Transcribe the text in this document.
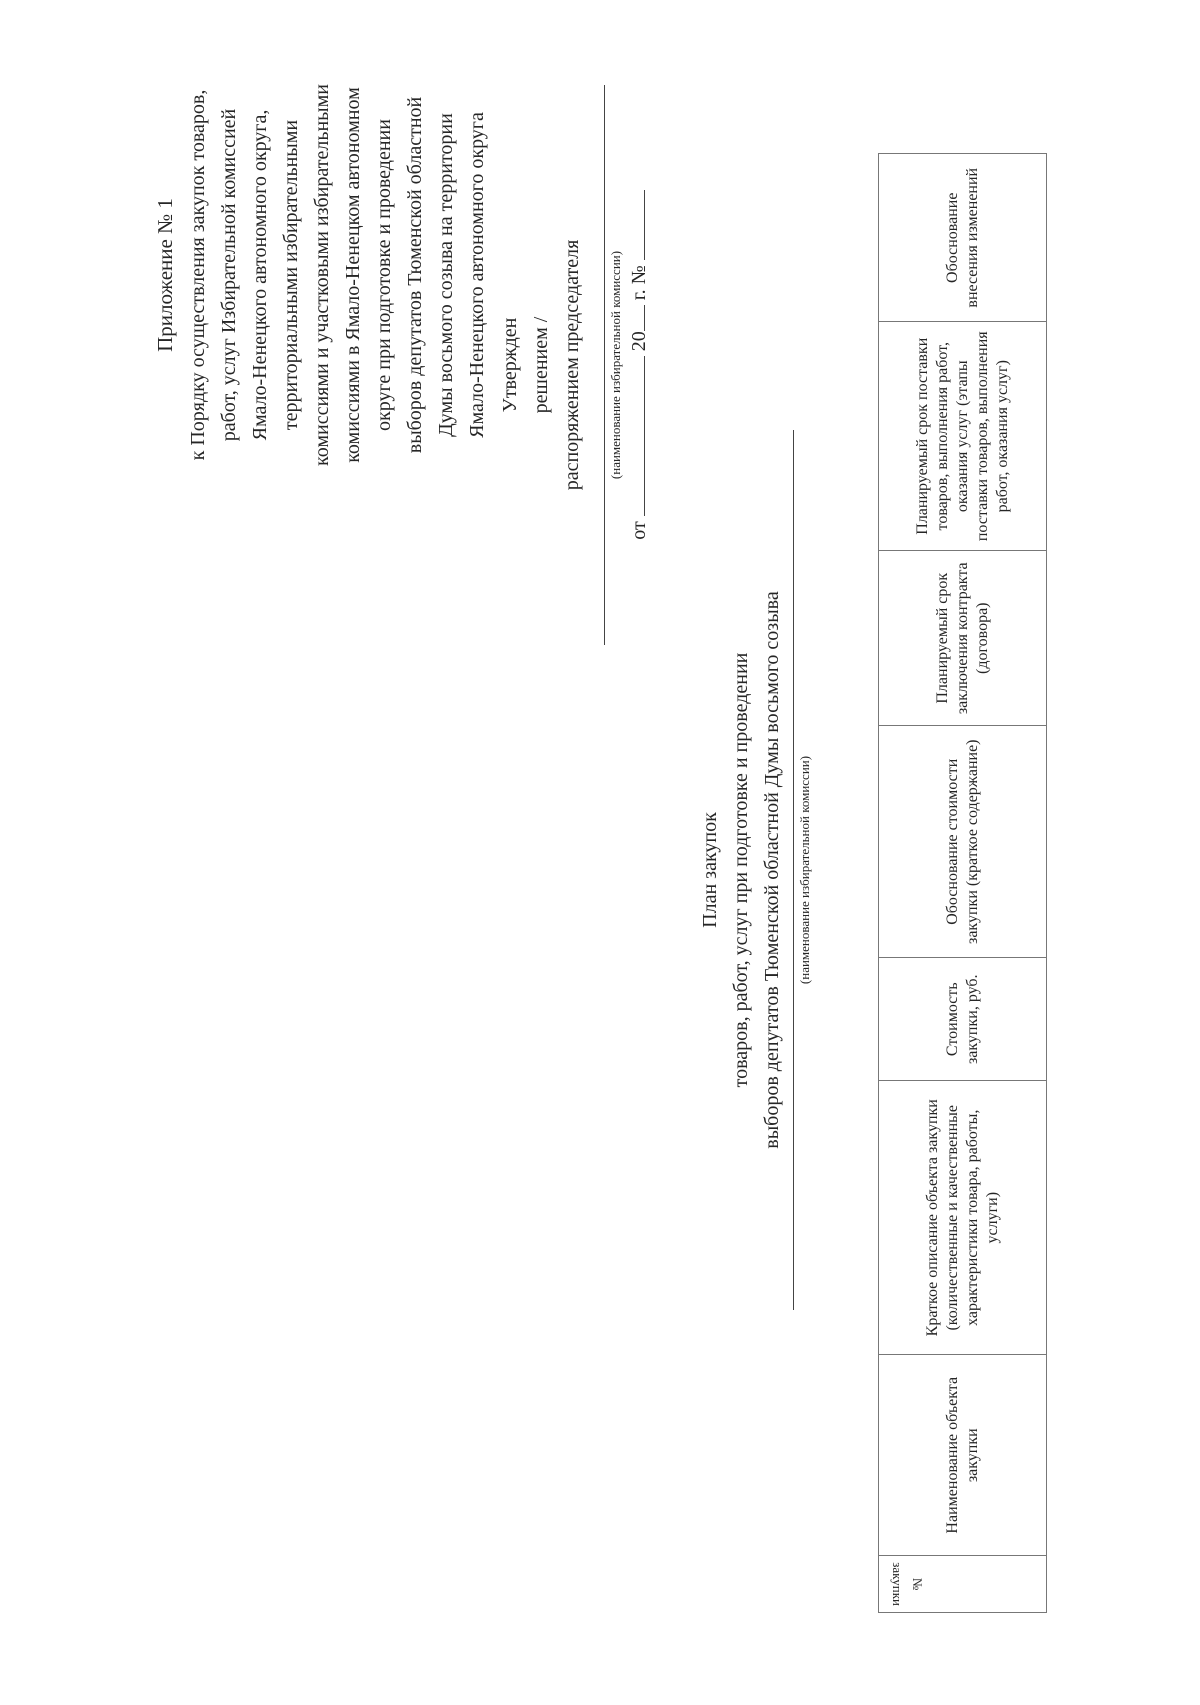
Приложение № 1 к Порядку осуществления закупок товаров, работ, услуг Избирательной комиссией Ямало-Ненецкого автономного округа, территориальными избирательными комиссиями и участковыми избирательными комиссиями в Ямало-Ненецком автономном округе при подготовке и проведении выборов депутатов Тюменской областной Думы восьмого созыва на территории Ямало-Ненецкого автономного округа Утвержден решением / распоряжением председателя	(наименование избирательной комиссии)
от  20 г. №
План закупок товаров, работ, услуг при подготовке и проведении выборов депутатов Тюменской областной Думы восьмого созыва	(наименование избирательной комиссии)
№ закупки	Наименование объекта закупки	Краткое описание объекта закупки (количественные и качественные характеристики товара, работы, услуги)	Стоимость закупки, руб.	Обоснование стоимости закупки (краткое содержание)	Планируемый срок заключения контракта (договора)	Планируемый срок поставки товаров, выполнения работ, оказания услуг (этапы поставки товаров, выполнения работ, оказания услуг)	Обоснование внесения изменений
